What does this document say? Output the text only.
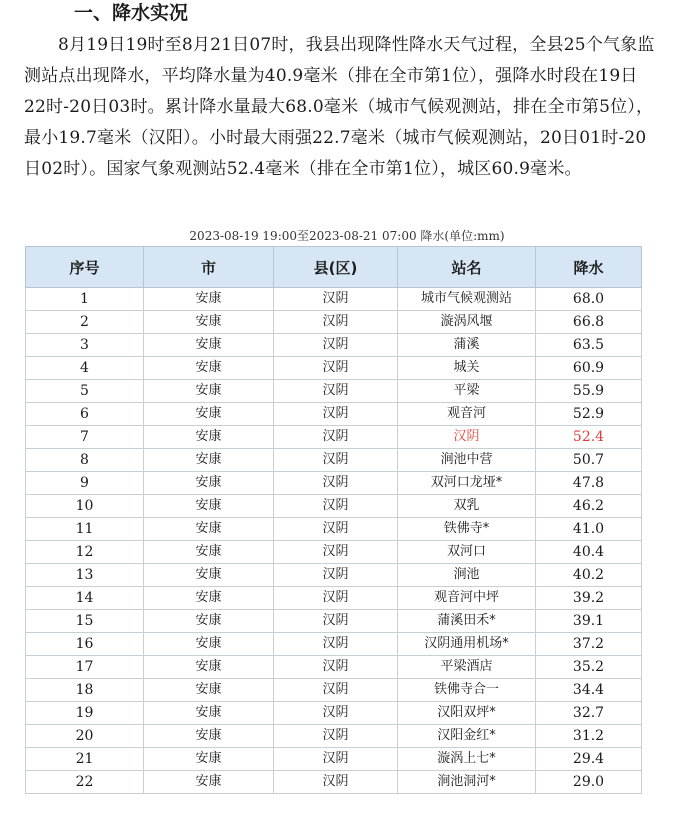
一、降水实况

8月19日19时至8月21日07时，我县出现降性降水天气过程，全县25个气象监测站点出现降水，平均降水量为40.9毫米（排在全市第1位），强降水时段在19日22时-20日03时。累计降水量最大68.0毫米（城市气候观测站，排在全市第5位），最小19.7毫米（汉阳）。小时最大雨强22.7毫米（城市气候观测站，20日01时-20日02时）。国家气象观测站52.4毫米（排在全市第1位），城区60.9毫米。

2023-08-19 19:00至2023-08-21 07:00 降水(单位:mm)
序号	市	县(区)	站名	降水
1	安康	汉阴	城市气候观测站	68.0
2	安康	汉阴	漩涡风堰	66.8
3	安康	汉阴	蒲溪	63.5
4	安康	汉阴	城关	60.9
5	安康	汉阴	平梁	55.9
6	安康	汉阴	观音河	52.9
7	安康	汉阴	汉阴	52.4
8	安康	汉阴	涧池中营	50.7
9	安康	汉阴	双河口龙垭*	47.8
10	安康	汉阴	双乳	46.2
11	安康	汉阴	铁佛寺*	41.0
12	安康	汉阴	双河口	40.4
13	安康	汉阴	涧池	40.2
14	安康	汉阴	观音河中坪	39.2
15	安康	汉阴	蒲溪田禾*	39.1
16	安康	汉阴	汉阴通用机场*	37.2
17	安康	汉阴	平梁酒店	35.2
18	安康	汉阴	铁佛寺合一	34.4
19	安康	汉阴	汉阳双坪*	32.7
20	安康	汉阴	汉阳金红*	31.2
21	安康	汉阴	漩涡上七*	29.4
22	安康	汉阴	涧池洞河*	29.0
